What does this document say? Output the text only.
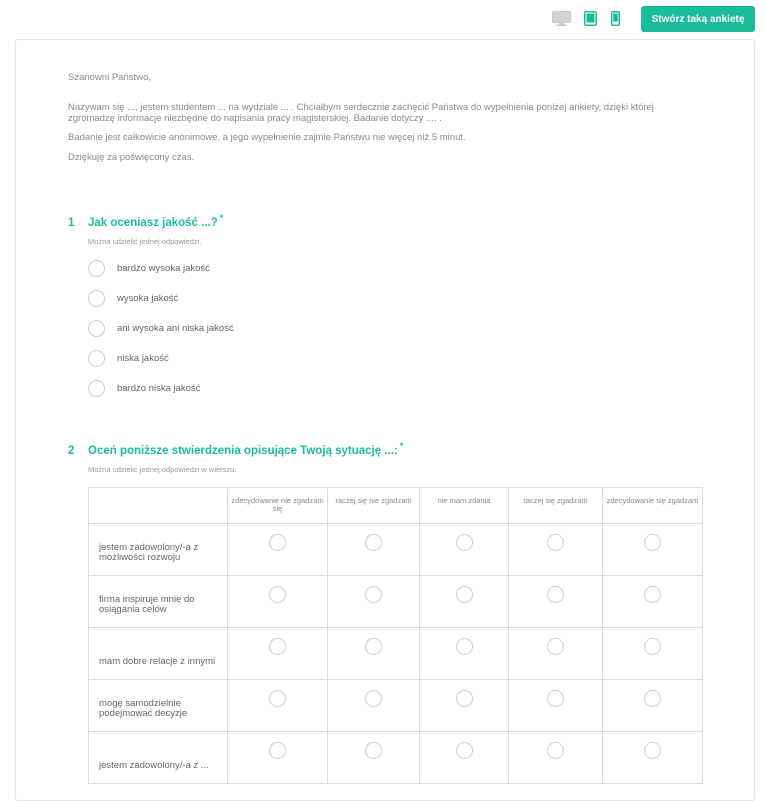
Stwórz taką ankietę

Szanowni Państwo,

Nazywam się ..., jestem studentem ... na wydziale ... . Chciałbym serdecznie zachęcić Państwa do wypełnienia poniżej ankiety, dzięki której zgromadzę informacje niezbędne do napisania pracy magisterskiej. Badanie dotyczy .... .

Badanie jest całkowicie anonimowe, a jego wypełnienie zajmie Państwu nie więcej niż 5 minut.

Dziękuję za poświęcony czas.

1 Jak oceniasz jakość ...? *
Można udzielić jednej odpowiedzi.
bardzo wysoka jakość
wysoka jakość
ani wysoka ani niska jakość
niska jakość
bardzo niska jakość
2 Oceń poniższe stwierdzenia opisujące Twoją sytuację ...: *
Można udzielić jednej odpowiedzi w wierszu.
	zdecydowanie nie zgadzam się	raczej się nie zgadzam	nie mam zdania	raczej się zgadzam	zdecydowanie się zgadzam

jestem zadowolony/-a z możliwości rozwoju					

firma inspiruje mnie do osiągania celów					

mam dobre relacje z innymi					

mogę samodzielnie podejmować decyzje					

jestem zadowolony/-a z ...					
